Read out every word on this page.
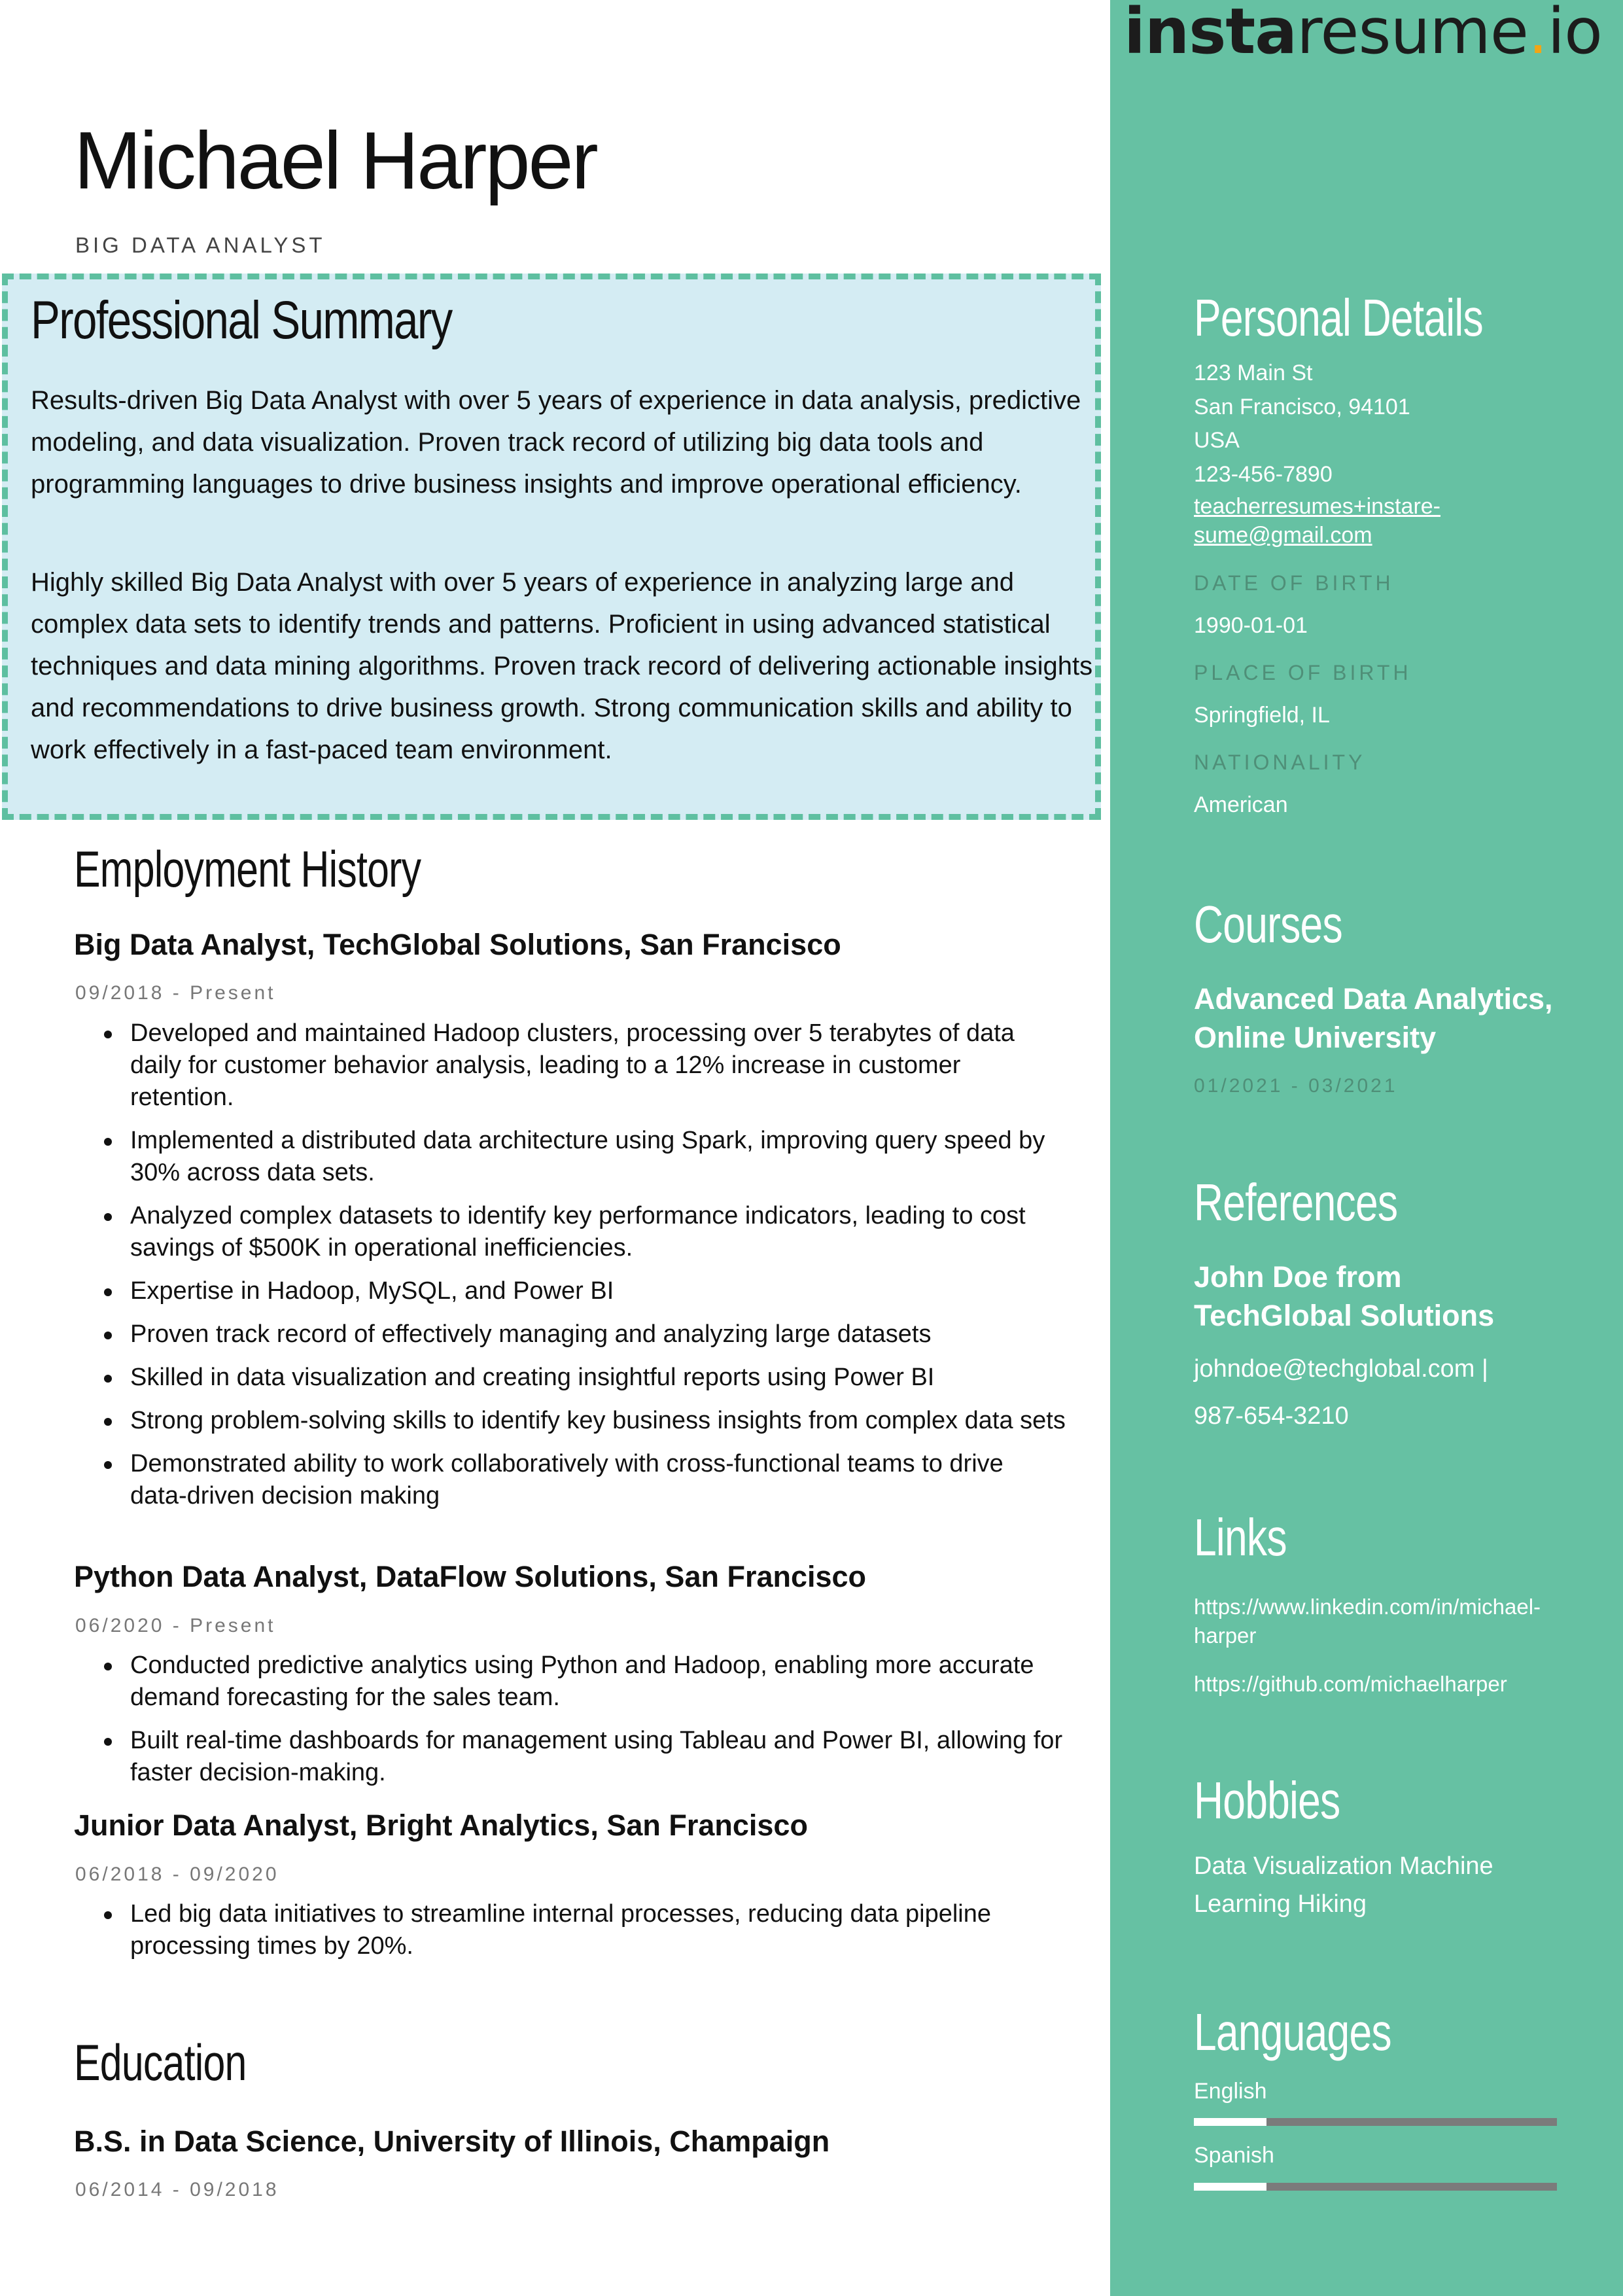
instaresume.io
Michael Harper
BIG DATA ANALYST
Professional Summary

Results-driven Big Data Analyst with over 5 years of experience in data analysis, predictive modeling, and data visualization. Proven track record of utilizing big data tools and programming languages to drive business insights and improve operational efficiency.

Highly skilled Big Data Analyst with over 5 years of experience in analyzing large and complex data sets to identify trends and patterns. Proficient in using advanced statistical techniques and data mining algorithms. Proven track record of delivering actionable insights and recommendations to drive business growth. Strong communication skills and ability to work effectively in a fast-paced team environment.

Employment History
Big Data Analyst, TechGlobal Solutions, San Francisco
09/2018 - Present
Developed and maintained Hadoop clusters, processing over 5 terabytes of data daily for customer behavior analysis, leading to a 12% increase in customer retention.
Implemented a distributed data architecture using Spark, improving query speed by 30% across data sets.
Analyzed complex datasets to identify key performance indicators, leading to cost savings of $500K in operational inefficiencies.
Expertise in Hadoop, MySQL, and Power BI
Proven track record of effectively managing and analyzing large datasets
Skilled in data visualization and creating insightful reports using Power BI
Strong problem-solving skills to identify key business insights from complex data sets
Demonstrated ability to work collaboratively with cross-functional teams to drive data-driven decision making
Python Data Analyst, DataFlow Solutions, San Francisco
06/2020 - Present
Conducted predictive analytics using Python and Hadoop, enabling more accurate demand forecasting for the sales team.
Built real-time dashboards for management using Tableau and Power BI, allowing for faster decision-making.
Junior Data Analyst, Bright Analytics, San Francisco
06/2018 - 09/2020
Led big data initiatives to streamline internal processes, reducing data pipeline processing times by 20%.
Education
B.S. in Data Science, University of Illinois, Champaign
06/2014 - 09/2018
Personal Details
123 Main St
San Francisco, 94101
USA
123-456-7890
teacherresumes+instare-
sume@gmail.com
DATE OF BIRTH
1990-01-01
PLACE OF BIRTH
Springfield, IL
NATIONALITY
American
Courses
Advanced Data Analytics,
Online University
01/2021 - 03/2021
References
John Doe from
TechGlobal Solutions
johndoe@techglobal.com |
987-654-3210
Links
https://www.linkedin.com/in/michael-
harper
https://github.com/michaelharper
Hobbies
Data Visualization Machine
Learning Hiking
Languages
English
Spanish
